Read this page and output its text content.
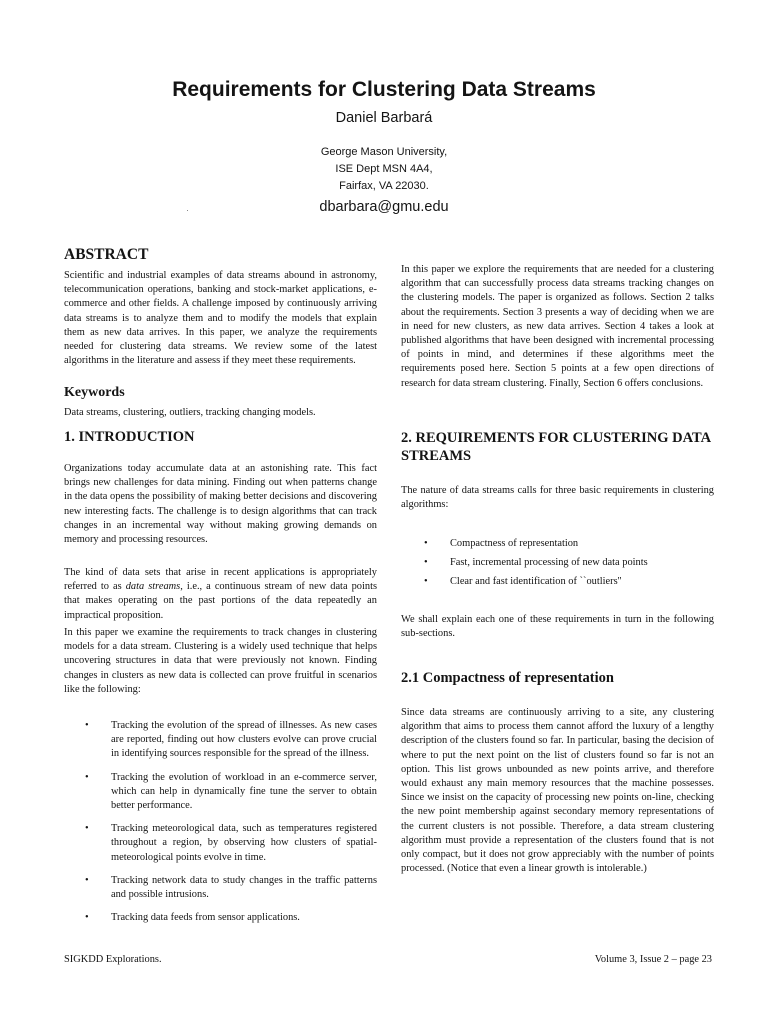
Requirements for Clustering Data Streams
Daniel Barbará
George Mason University,
ISE Dept MSN 4A4,
Fairfax, VA 22030.
dbarbara@gmu.edu
ABSTRACT

Scientific and industrial examples of data streams abound in astronomy, telecommunication operations, banking and stock-market applications, e-commerce and other fields. A challenge imposed by continuously arriving data streams is to analyze them and to modify the models that explain them as new data arrives. In this paper, we analyze the requirements needed for clustering data streams. We review some of the latest algorithms in the literature and assess if they meet these requirements.

Keywords

Data streams, clustering, outliers, tracking changing models.

1. INTRODUCTION

Organizations today accumulate data at an astonishing rate. This fact brings new challenges for data mining. Finding out when patterns change in the data opens the possibility of making better decisions and discovering new interesting facts. The challenge is to design algorithms that can track changes in an incremental way without making growing demands on memory and processing resources.

The kind of data sets that arise in recent applications is appropriately referred to as data streams, i.e., a continuous stream of new data points that makes operating on the past portions of the data repeatedly an impractical proposition.

In this paper we examine the requirements to track changes in clustering models for a data stream. Clustering is a widely used technique that helps uncovering structures in data that were previously not known. Finding changes in clusters as new data is collected can prove fruitful in scenarios like the following:

• Tracking the evolution of the spread of illnesses. As new cases are reported, finding out how clusters evolve can prove crucial in identifying sources responsible for the spread of the illness.
• Tracking the evolution of workload in an e-commerce server, which can help in dynamically fine tune the server to obtain better performance.
• Tracking meteorological data, such as temperatures registered throughout a region, by observing how clusters of spatial-meteorological points evolve in time.
• Tracking network data to study changes in the traffic patterns and possible intrusions.
• Tracking data feeds from sensor applications.

In this paper we explore the requirements that are needed for a clustering algorithm that can successfully process data streams tracking changes on the clustering models. The paper is organized as follows. Section 2 talks about the requirements. Section 3 presents a way of deciding when we are in need for new clusters, as new data arrives. Section 4 takes a look at published algorithms that have been designed with incremental processing of points in mind, and determines if these algorithms meet the requirements posed here. Section 5 points at a few open directions of research for data stream clustering. Finally, Section 6 offers conclusions.

2. REQUIREMENTS FOR CLUSTERING DATA STREAMS

The nature of data streams calls for three basic requirements in clustering algorithms:

• Compactness of representation
• Fast, incremental processing of new data points
• Clear and fast identification of ``outliers''

We shall explain each one of these requirements in turn in the following sub-sections.

2.1 Compactness of representation

Since data streams are continuously arriving to a site, any clustering algorithm that aims to process them cannot afford the luxury of a lengthy description of the clusters found so far. In particular, basing the decision of where to put the next point on the list of clusters found so far is not an option. This list grows unbounded as new points arrive, and therefore would exhaust any main memory resources that the machine possesses. Since we insist on the capacity of processing new points on-line, checking the new point membership against secondary memory representations of the current clusters is not possible. Therefore, a data stream clustering algorithm must provide a representation of the clusters found that is not only compact, but it does not grow appreciably with the number of points processed. (Notice that even a linear growth is intolerable.)

SIGKDD Explorations.	Volume 3, Issue 2 – page 23
